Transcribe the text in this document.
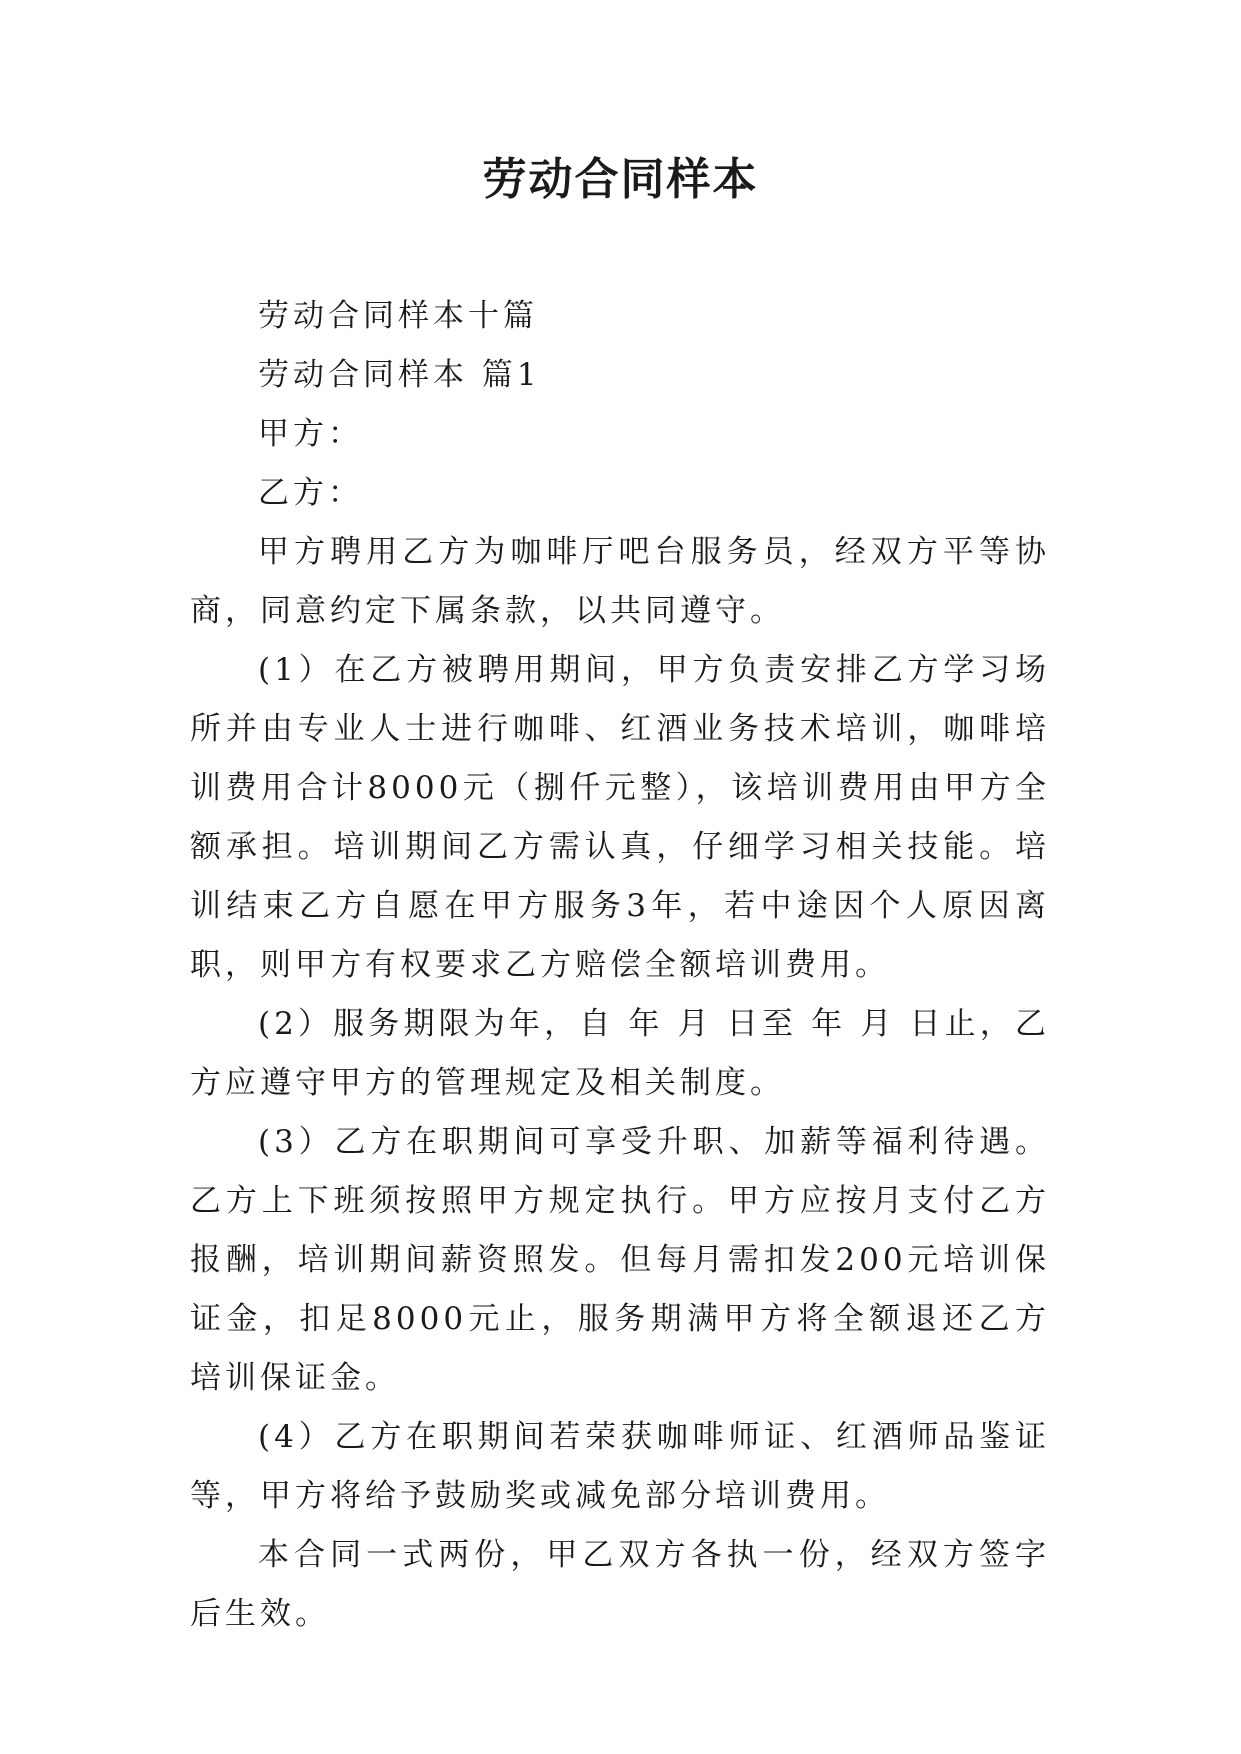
劳动合同样本

劳动合同样本十篇

劳动合同样本 篇1

甲方：

乙方：

甲方聘用乙方为咖啡厅吧台服务员，经双方平等协商，同意约定下属条款，以共同遵守。

(1）在乙方被聘用期间，甲方负责安排乙方学习场所并由专业人士进行咖啡、红酒业务技术培训，咖啡培训费用合计8000元（捌仟元整），该培训费用由甲方全额承担。培训期间乙方需认真，仔细学习相关技能。培训结束乙方自愿在甲方服务3年，若中途因个人原因离职，则甲方有权要求乙方赔偿全额培训费用。

(2）服务期限为年，自 年 月 日至 年 月 日止，乙方应遵守甲方的管理规定及相关制度。

(3）乙方在职期间可享受升职、加薪等福利待遇。乙方上下班须按照甲方规定执行。甲方应按月支付乙方报酬，培训期间薪资照发。但每月需扣发200元培训保证金，扣足8000元止，服务期满甲方将全额退还乙方培训保证金。

(4）乙方在职期间若荣获咖啡师证、红酒师品鉴证等，甲方将给予鼓励奖或减免部分培训费用。

本合同一式两份，甲乙双方各执一份，经双方签字后生效。
